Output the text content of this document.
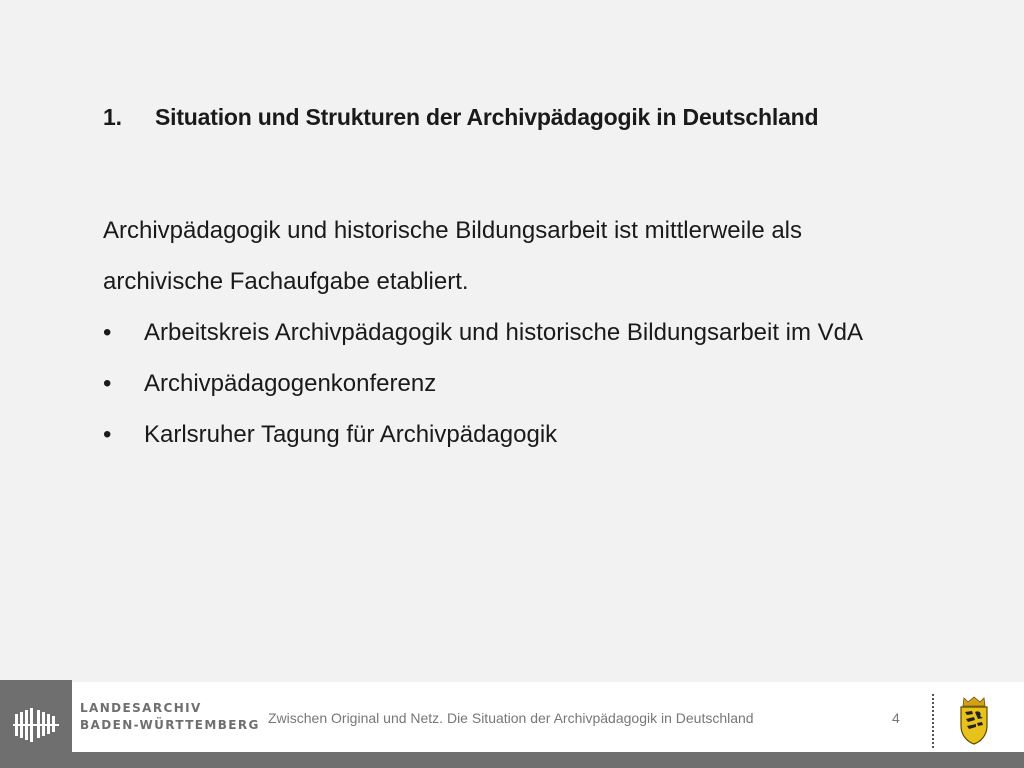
1.	Situation und Strukturen der Archivpädagogik in Deutschland
Archivpädagogik und historische Bildungsarbeit ist mittlerweile als
archivische Fachaufgabe etabliert.
•	Arbeitskreis Archivpädagogik und historische Bildungsarbeit im VdA
•	Archivpädagogenkonferenz
•	Karlsruher Tagung für Archivpädagogik
LANDESARCHIV
BADEN-WÜRTTEMBERG Zwischen Original und Netz. Die Situation der Archivpädagogik in Deutschland	4
